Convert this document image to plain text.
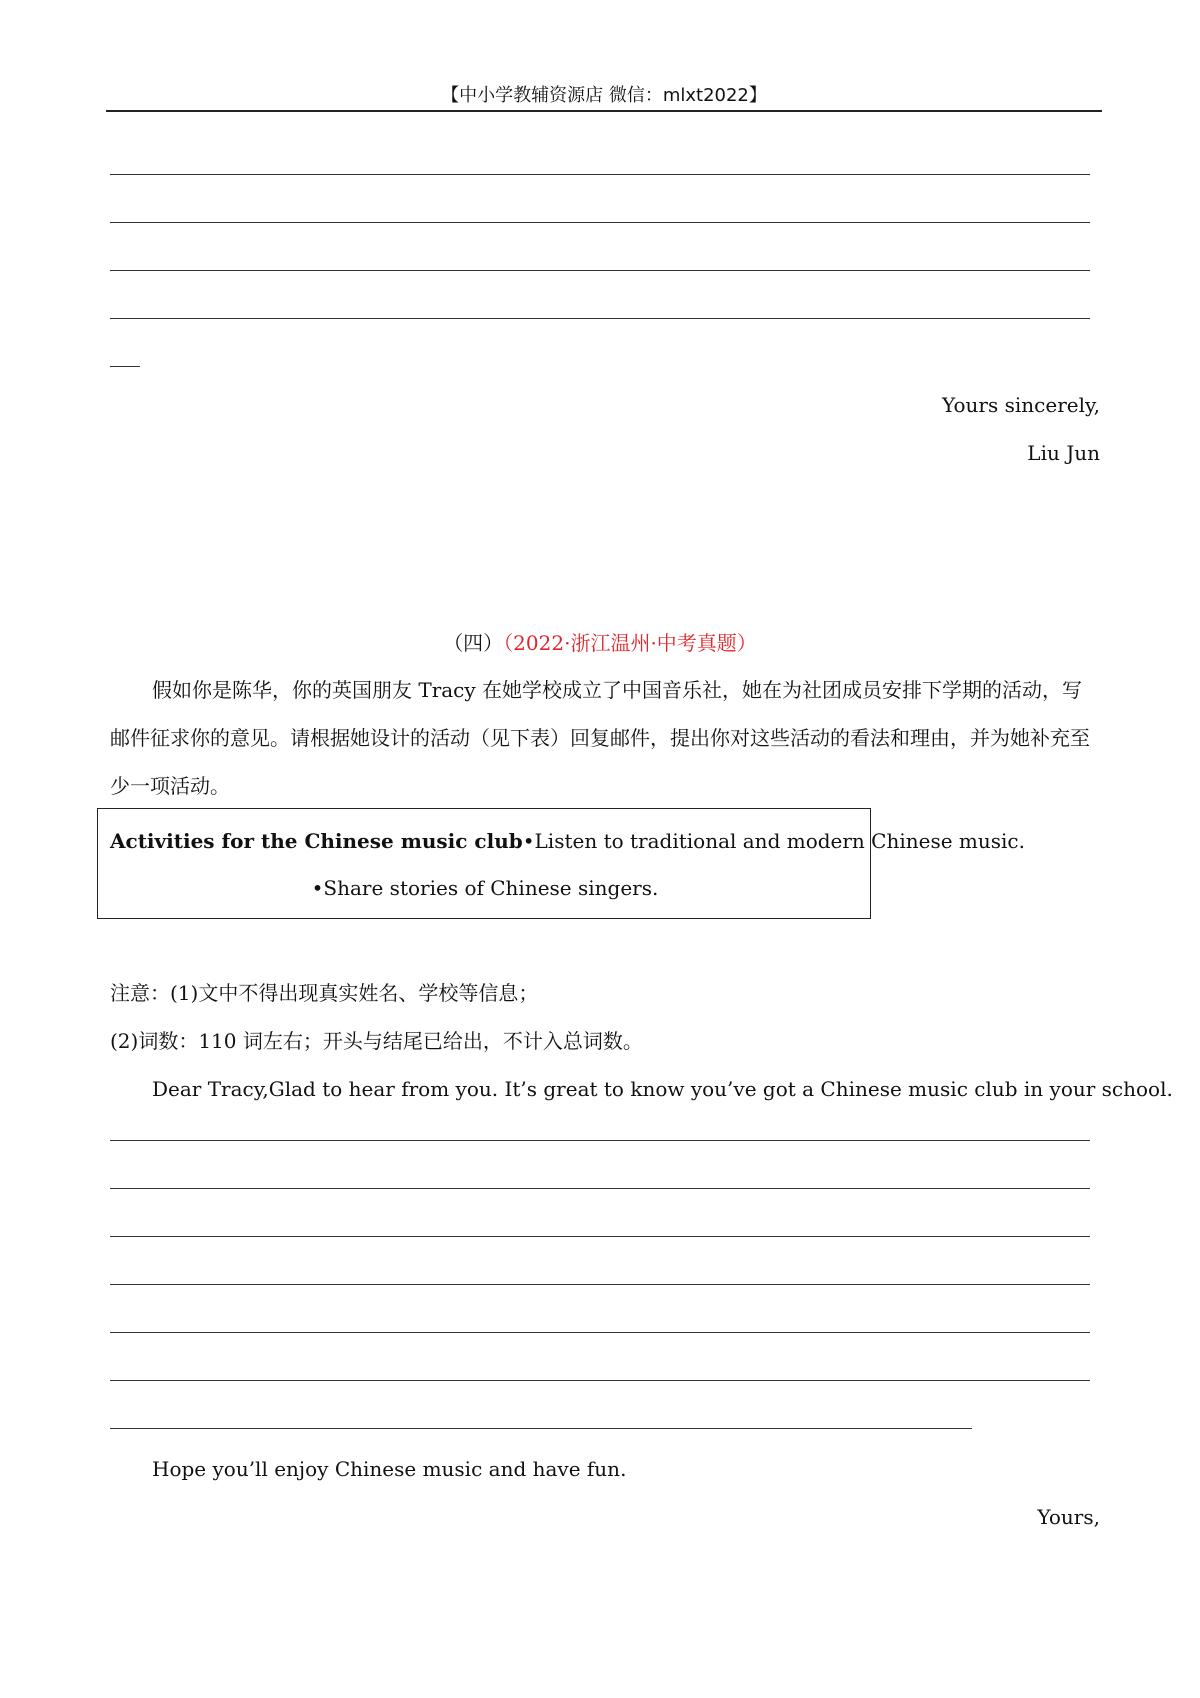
【中小学教辅资源店 微信：mlxt2022】
Yours sincerely,
Liu Jun
（四）（2022·浙江温州·中考真题）
假如你是陈华，你的英国朋友 Tracy 在她学校成立了中国音乐社，她在为社团成员安排下学期的活动，写邮件征求你的意见。请根据她设计的活动（见下表）回复邮件，提出你对这些活动的看法和理由，并为她补充至少一项活动。
Activities for the Chinese music club•Listen to traditional and modern Chinese music.
•Share stories of Chinese singers.
注意：(1)文中不得出现真实姓名、学校等信息；
(2)词数：110 词左右；开头与结尾已给出，不计入总词数。
Dear Tracy,Glad to hear from you. It’s great to know you’ve got a Chinese music club in your school.
Hope you’ll enjoy Chinese music and have fun.
Yours,
